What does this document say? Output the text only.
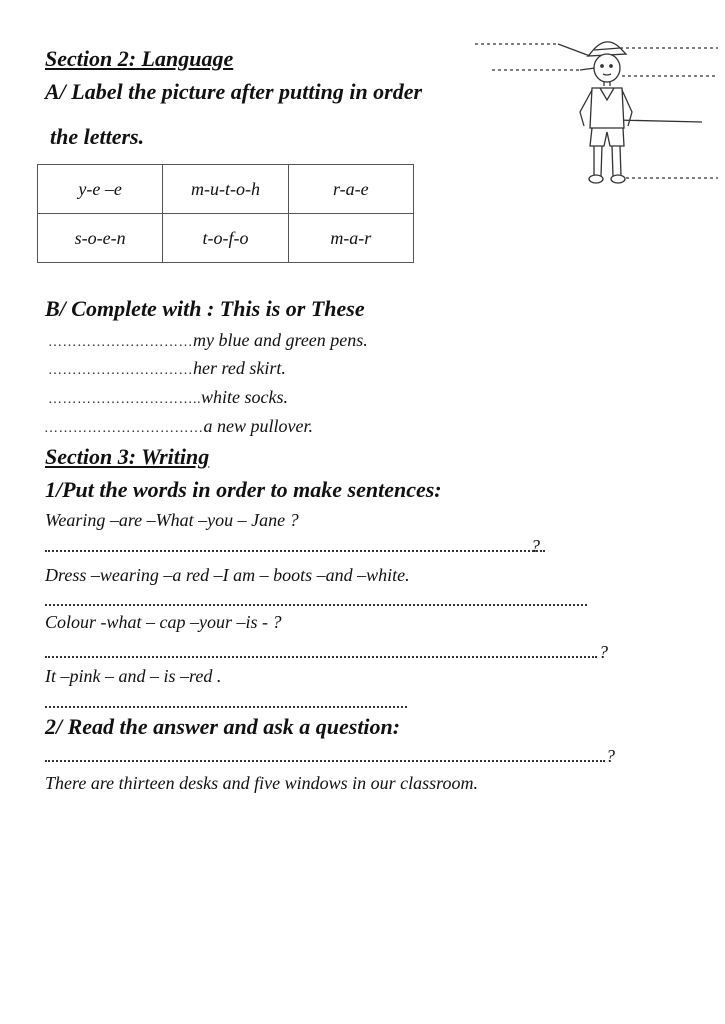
Section 2: Language
A/ Label the picture after putting in order
the letters.
y-e –e	m-u-t-o-h	r-a-e
s-o-e-n	t-o-f-o	m-a-r
B/ Complete with : This is or These
…………………………my blue and green pens.
…………………………her red skirt.
…………………………..white socks.
……………………………a new pullover.
Section 3: Writing
1/Put the words in order to make sentences:
Wearing –are –What –you – Jane ?
?
Dress –wearing –a red –I am – boots –and –white.
Colour -what – cap –your –is - ?
?
It –pink – and – is –red .
2/ Read the answer and ask a question:
?
There are thirteen desks and five windows in our classroom.
